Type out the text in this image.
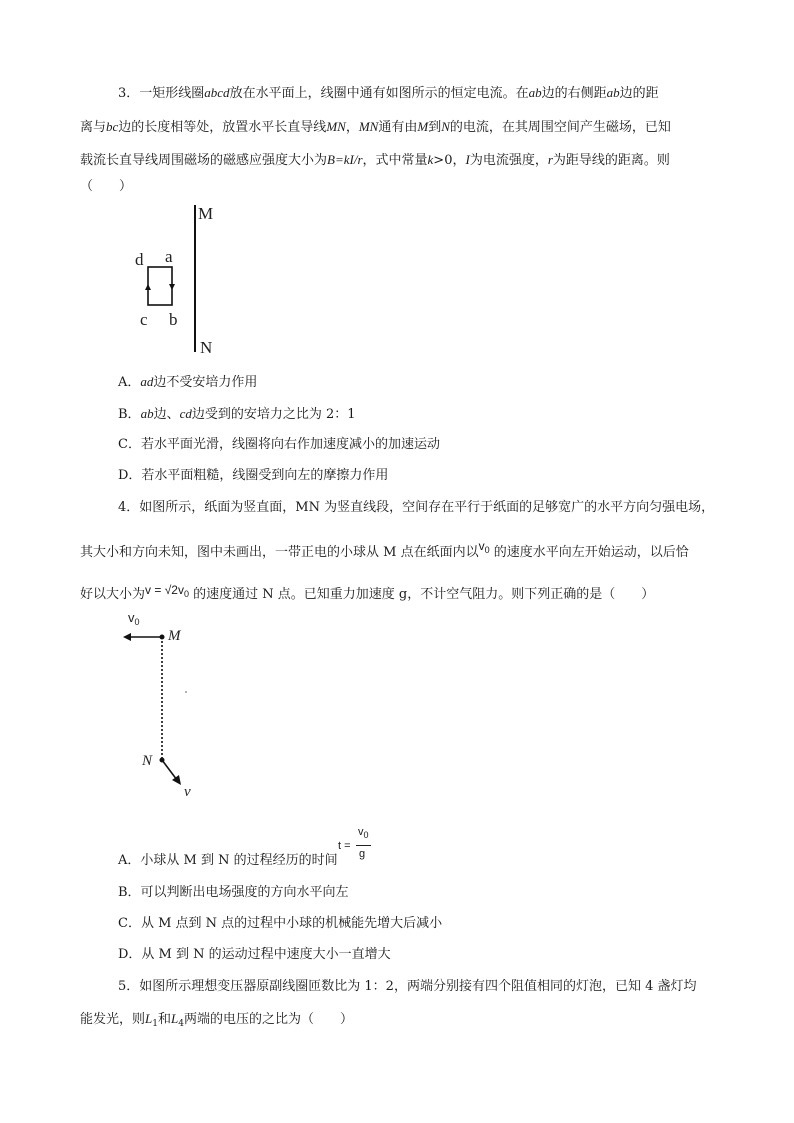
3．一矩形线圈abcd放在水平面上，线圈中通有如图所示的恒定电流。在ab边的右侧距ab边的距
离与bc边的长度相等处，放置水平长直导线MN，MN通有由M到N的电流，在其周围空间产生磁场，已知
载流长直导线周围磁场的磁感应强度大小为B=kI/r，式中常量k>0，I为电流强度，r为距导线的距离。则
（　　）
M
N
d a
c b
A．ad边不受安培力作用
B．ab边、cd边受到的安培力之比为 2：1
C．若水平面光滑，线圈将向右作加速度减小的加速运动
D．若水平面粗糙，线圈受到向左的摩擦力作用
4．如图所示，纸面为竖直面，MN 为竖直线段，空间存在平行于纸面的足够宽广的水平方向匀强电场，
其大小和方向未知，图中未画出，一带正电的小球从 M 点在纸面内以$v_0$ 的速度水平向左开始运动，以后恰
好以大小为$v = √2v_0$ 的速度通过 N 点。已知重力加速度 g，不计空气阻力。则下列正确的是（　　）
$v_0$
M
N
v
A．小球从 M 到 N 的过程经历的时间
t =
$v_0$
g
B．可以判断出电场强度的方向水平向左
C．从 M 点到 N 点的过程中小球的机械能先增大后减小
D．从 M 到 N 的运动过程中速度大小一直增大
5．如图所示理想变压器原副线圈匝数比为 1：2，两端分别接有四个阻值相同的灯泡，已知 4 盏灯均
能发光，则$L_1$和$L_4$两端的电压的之比为（　　）
